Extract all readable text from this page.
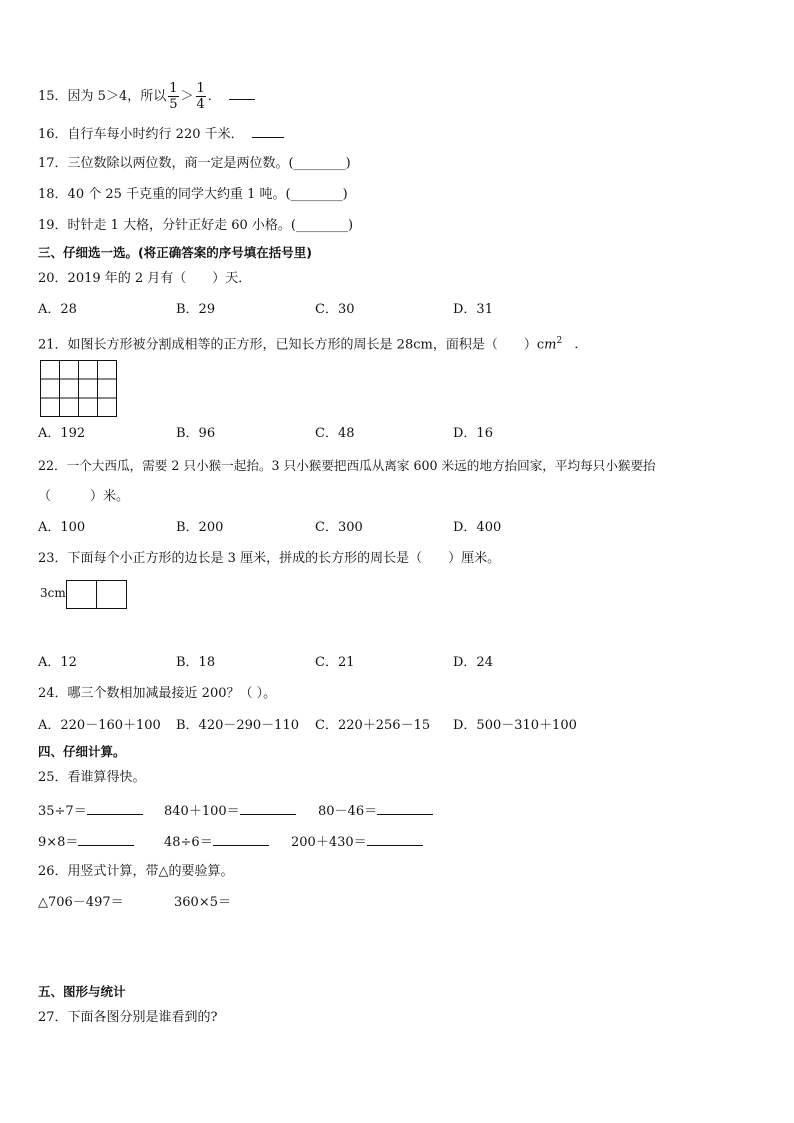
15．因为 5＞4，所以 $\frac{1}{5} > \frac{1}{4}$ ．
16．自行车每小时约行 220 千米．
17．三位数除以两位数，商一定是两位数。(________)
18．40 个 25 千克重的同学大约重 1 吨。(________)
19．时针走 1 大格，分针正好走 60 小格。(________)
三、仔细选一选。(将正确答案的序号填在括号里)
20．2019 年的 2 月有（　　）天．
A．28	B．29	C．30	D．31
21．如图长方形被分割成相等的正方形，已知长方形的周长是 28cm，面积是（　　）$cm^2$ ．
A．192	B．96	C．48	D．16
22．一个大西瓜，需要 2 只小猴一起抬。3 只小猴要把西瓜从离家 600 米远的地方抬回家，平均每只小猴要抬
（　　　）米。
A．100	B．200	C．300	D．400
23．下面每个小正方形的边长是 3 厘米，拼成的长方形的周长是（　　）厘米。
3cm
A．12	B．18	C．21	D．24
24．哪三个数相加减最接近 200？（ ）。
A．220－160＋100 B．420－290－110 C．220＋256－15 D．500－310＋100
四、仔细计算。
25．看谁算得快。
35÷7＝	840＋100＝	80－46＝
9×8＝	48÷6＝	200＋430＝
26．用竖式计算，带△的要验算。
△706－497＝	360×5＝
五、图形与统计
27．下面各图分别是谁看到的?
